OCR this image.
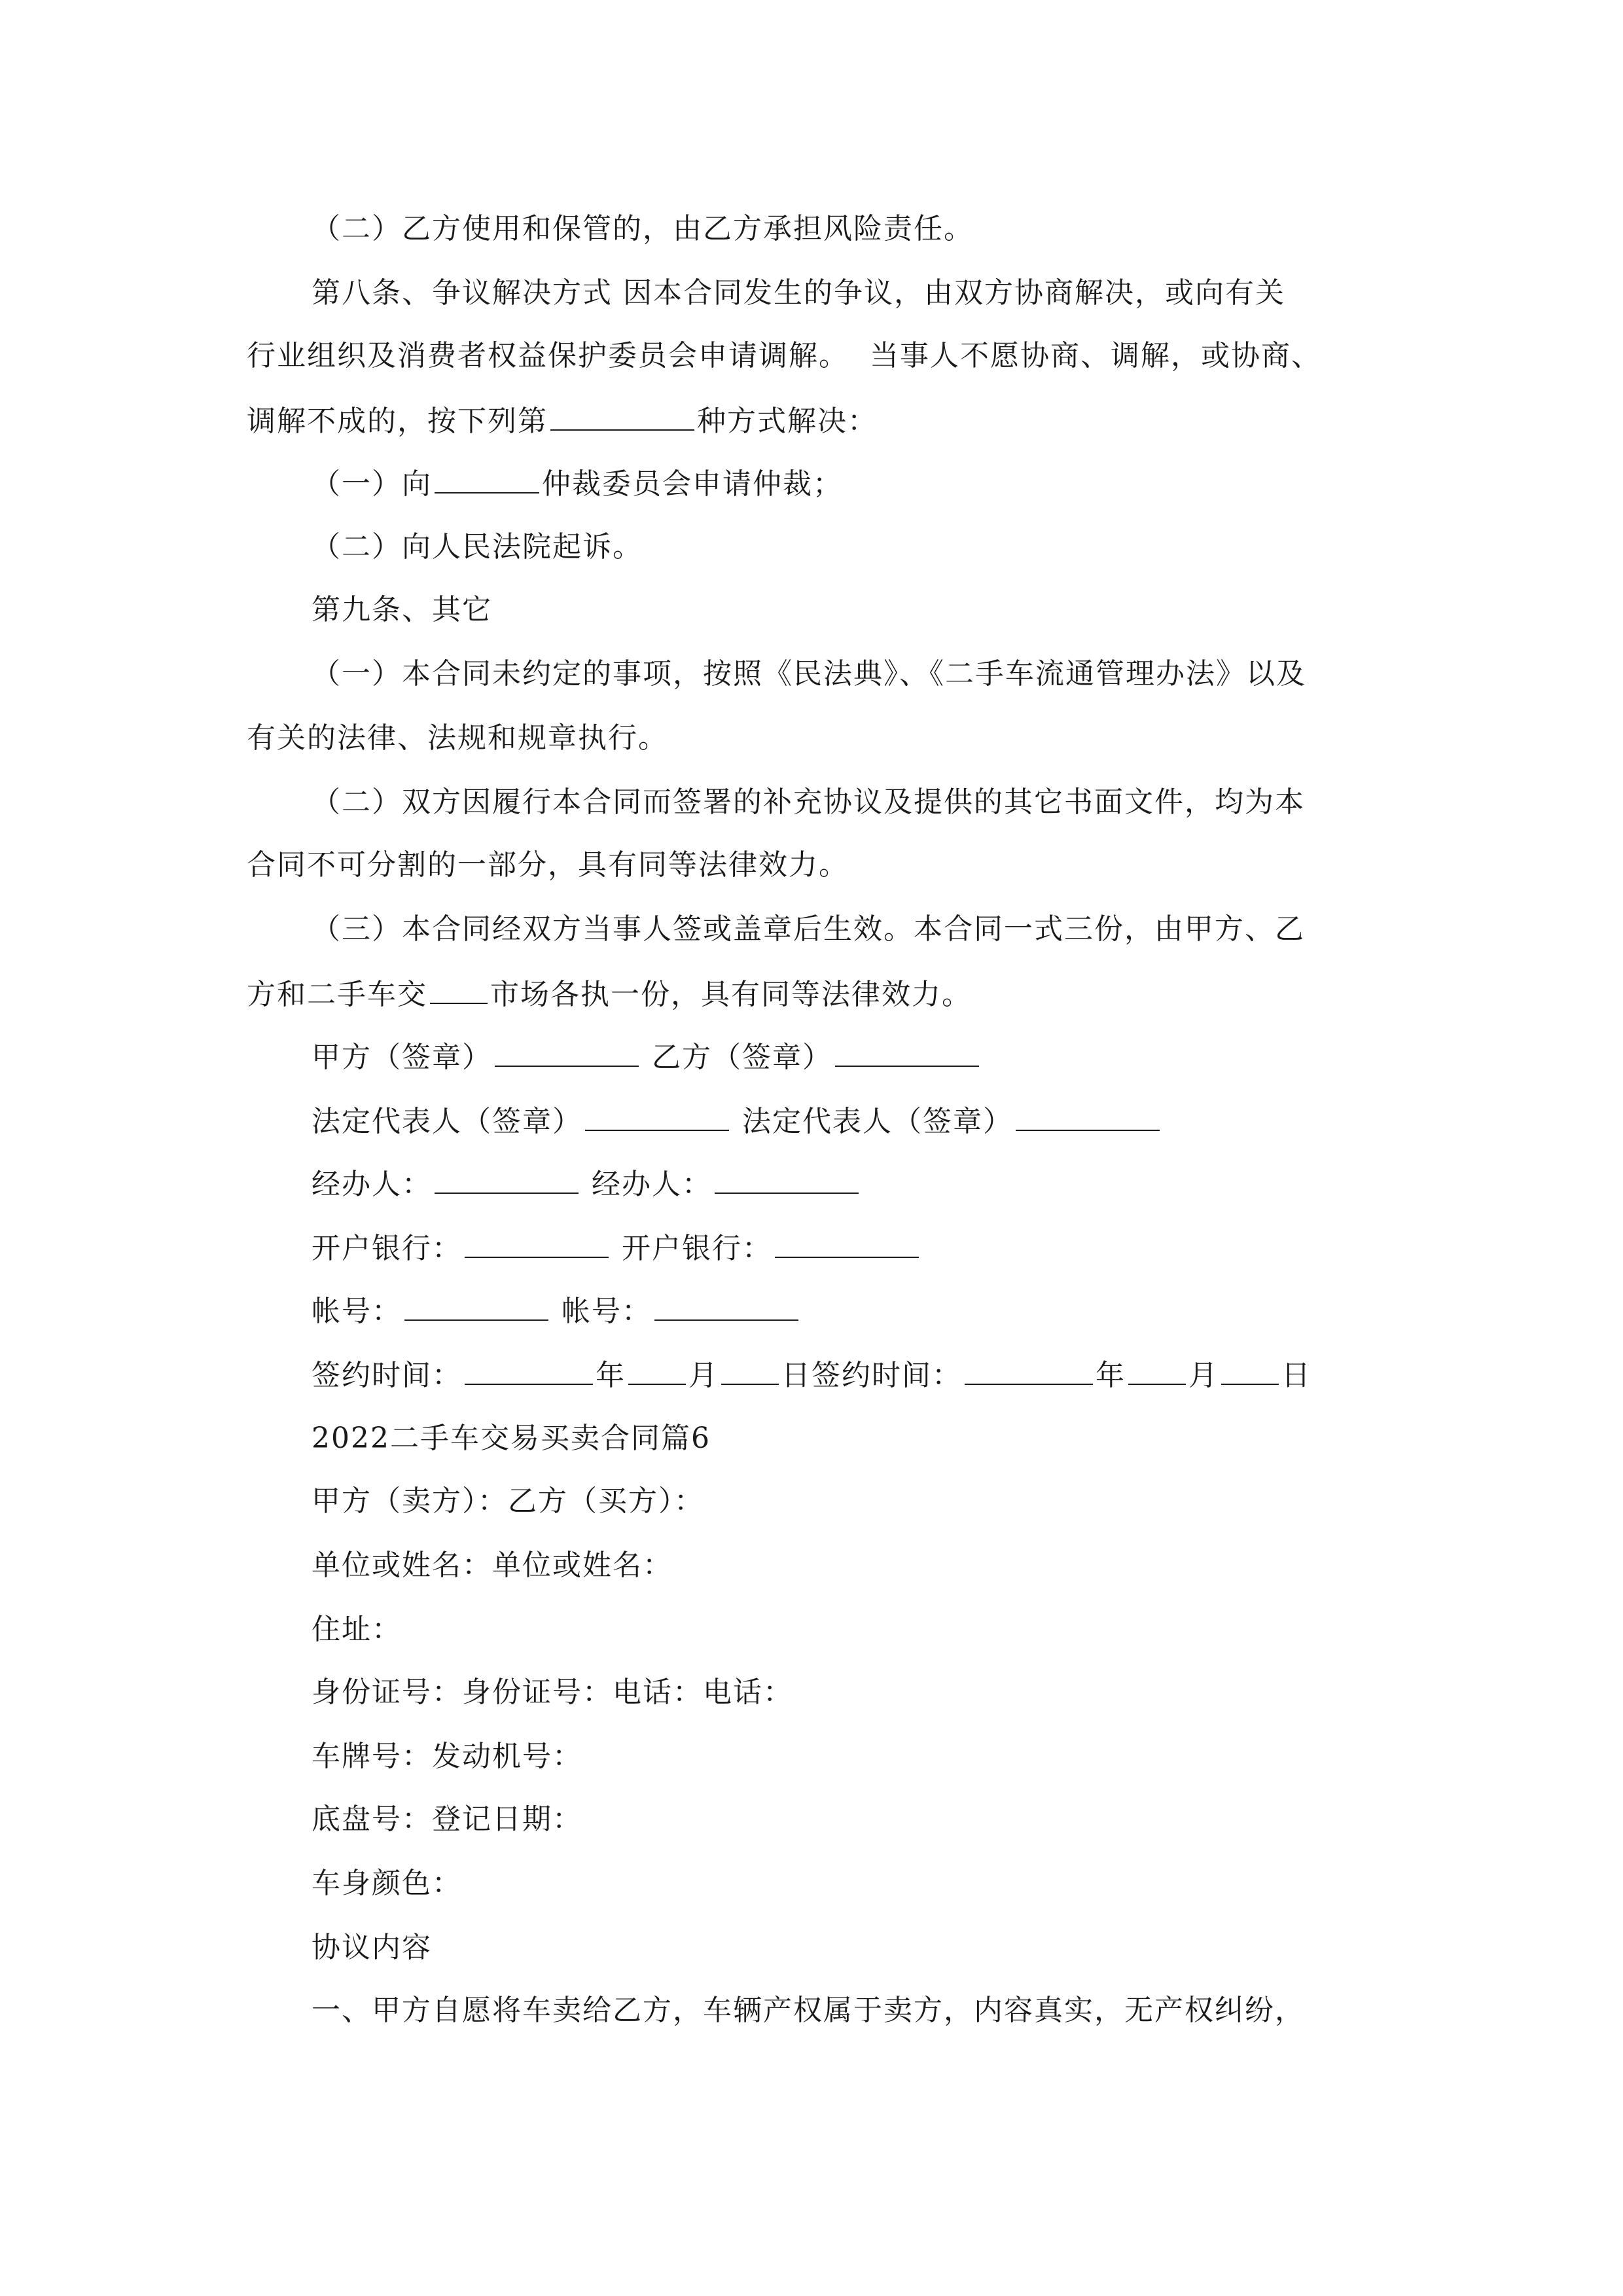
（二）乙方使用和保管的，由乙方承担风险责任。
第八条、争议解决方式 因本合同发生的争议，由双方协商解决，或向有关
行业组织及消费者权益保护委员会申请调解。  当事人不愿协商、调解，或协商、
调解不成的，按下列第	种方式解决：
（一）向	仲裁委员会申请仲裁；
（二）向人民法院起诉。
第九条、其它
（一）本合同未约定的事项，按照《民法典》、《二手车流通管理办法》以及
有关的法律、法规和规章执行。
（二）双方因履行本合同而签署的补充协议及提供的其它书面文件，均为本
合同不可分割的一部分，具有同等法律效力。
（三）本合同经双方当事人签或盖章后生效。本合同一式三份，由甲方、乙
方和二手车交 市场各执一份，具有同等法律效力。
甲方（签章）	乙方（签章）
法定代表人（签章）	法定代表人（签章）
经办人：	经办人：
开户银行：	开户银行：
帐号：	帐号：
签约时间：	年 月 日签约时间：	年 月 日
2022二手车交易买卖合同篇6
甲方（卖方）：乙方（买方）：
单位或姓名：单位或姓名：
住址：
身份证号：身份证号：电话：电话：
车牌号：发动机号：
底盘号：登记日期：
车身颜色：
协议内容
一、甲方自愿将车卖给乙方，车辆产权属于卖方，内容真实，无产权纠纷，
